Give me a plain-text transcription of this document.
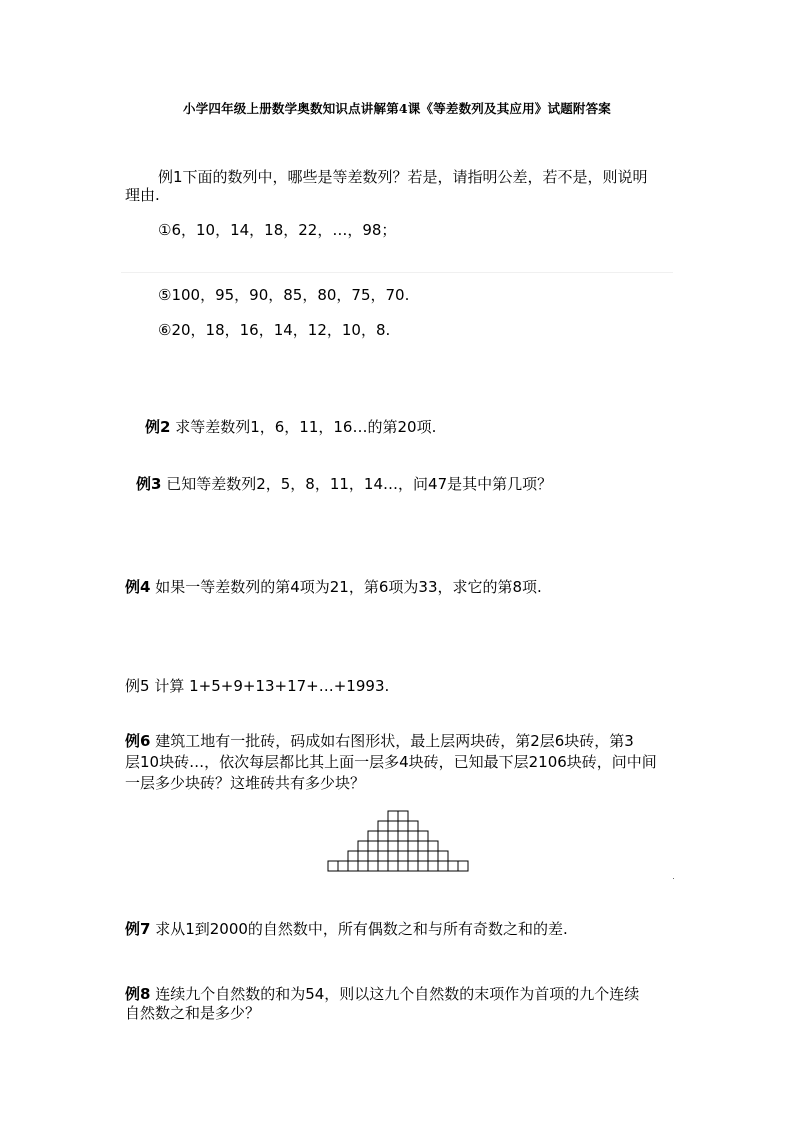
小学四年级上册数学奥数知识点讲解第4课《等差数列及其应用》试题附答案
例1下面的数列中，哪些是等差数列？若是，请指明公差，若不是，则说明
理由.
①6，10，14，18，22，…，98；
⑤100，95，90，85，80，75，70.
⑥20，18，16，14，12，10，8.
例2 求等差数列1，6，11，16…的第20项.
例3 已知等差数列2，5，8，11，14…，问47是其中第几项？
例4 如果一等差数列的第4项为21，第6项为33，求它的第8项.
例5 计算 1+5+9+13+17+…+1993.
例6 建筑工地有一批砖，码成如右图形状，最上层两块砖，第2层6块砖，第3
层10块砖…，依次每层都比其上面一层多4块砖，已知最下层2106块砖，问中间
一层多少块砖？这堆砖共有多少块？
例7 求从1到2000的自然数中，所有偶数之和与所有奇数之和的差.
例8 连续九个自然数的和为54，则以这九个自然数的末项作为首项的九个连续
自然数之和是多少？
